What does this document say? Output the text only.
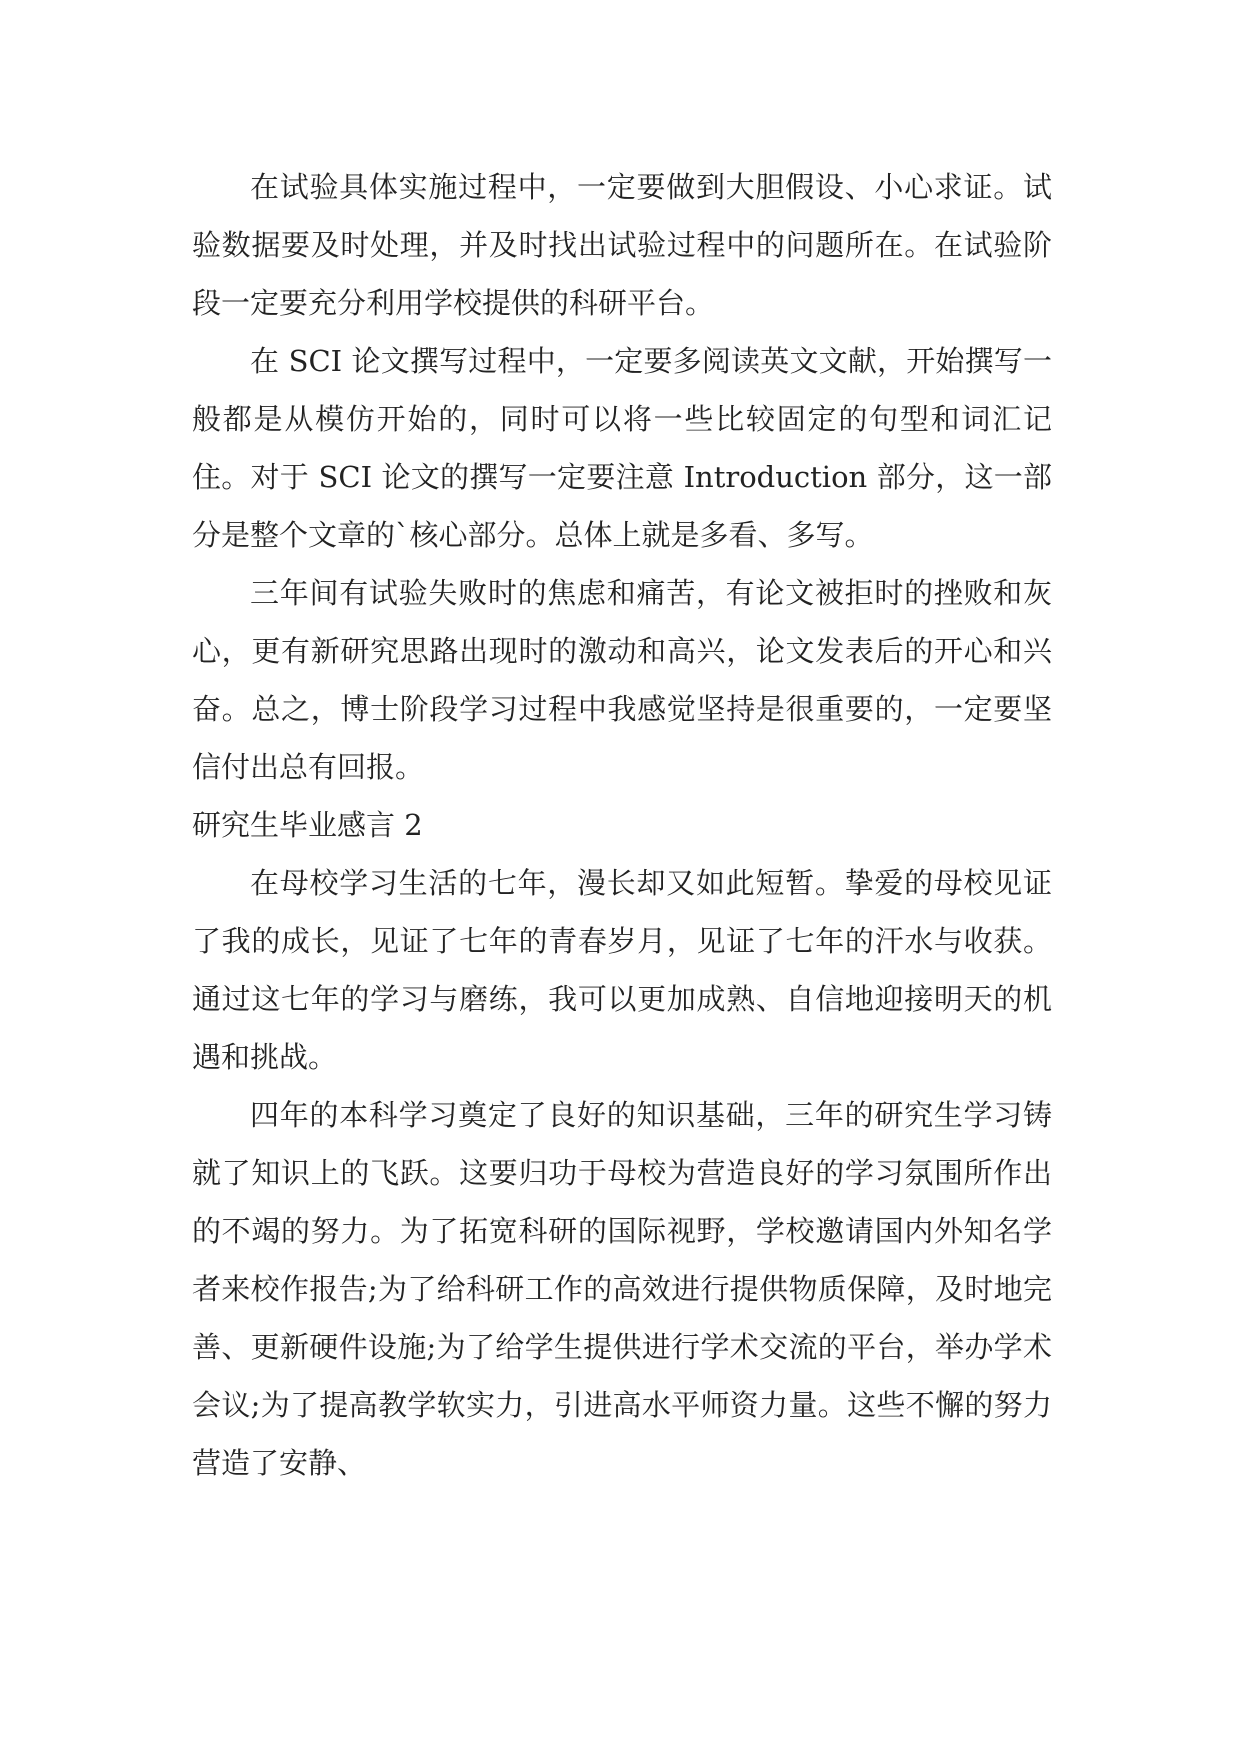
在试验具体实施过程中，一定要做到大胆假设、小心求证。试验数据要及时处理，并及时找出试验过程中的问题所在。在试验阶段一定要充分利用学校提供的科研平台。

在 SCI 论文撰写过程中，一定要多阅读英文文献，开始撰写一般都是从模仿开始的，同时可以将一些比较固定的句型和词汇记住。对于 SCI 论文的撰写一定要注意 Introduction 部分，这一部分是整个文章的`核心部分。总体上就是多看、多写。

三年间有试验失败时的焦虑和痛苦，有论文被拒时的挫败和灰心，更有新研究思路出现时的激动和高兴，论文发表后的开心和兴奋。总之，博士阶段学习过程中我感觉坚持是很重要的，一定要坚信付出总有回报。

研究生毕业感言 2

在母校学习生活的七年，漫长却又如此短暂。挚爱的母校见证了我的成长，见证了七年的青春岁月，见证了七年的汗水与收获。通过这七年的学习与磨练，我可以更加成熟、自信地迎接明天的机遇和挑战。

四年的本科学习奠定了良好的知识基础，三年的研究生学习铸就了知识上的飞跃。这要归功于母校为营造良好的学习氛围所作出的不竭的努力。为了拓宽科研的国际视野，学校邀请国内外知名学者来校作报告;为了给科研工作的高效进行提供物质保障，及时地完善、更新硬件设施;为了给学生提供进行学术交流的平台，举办学术会议;为了提高教学软实力，引进高水平师资力量。这些不懈的努力营造了安静、
